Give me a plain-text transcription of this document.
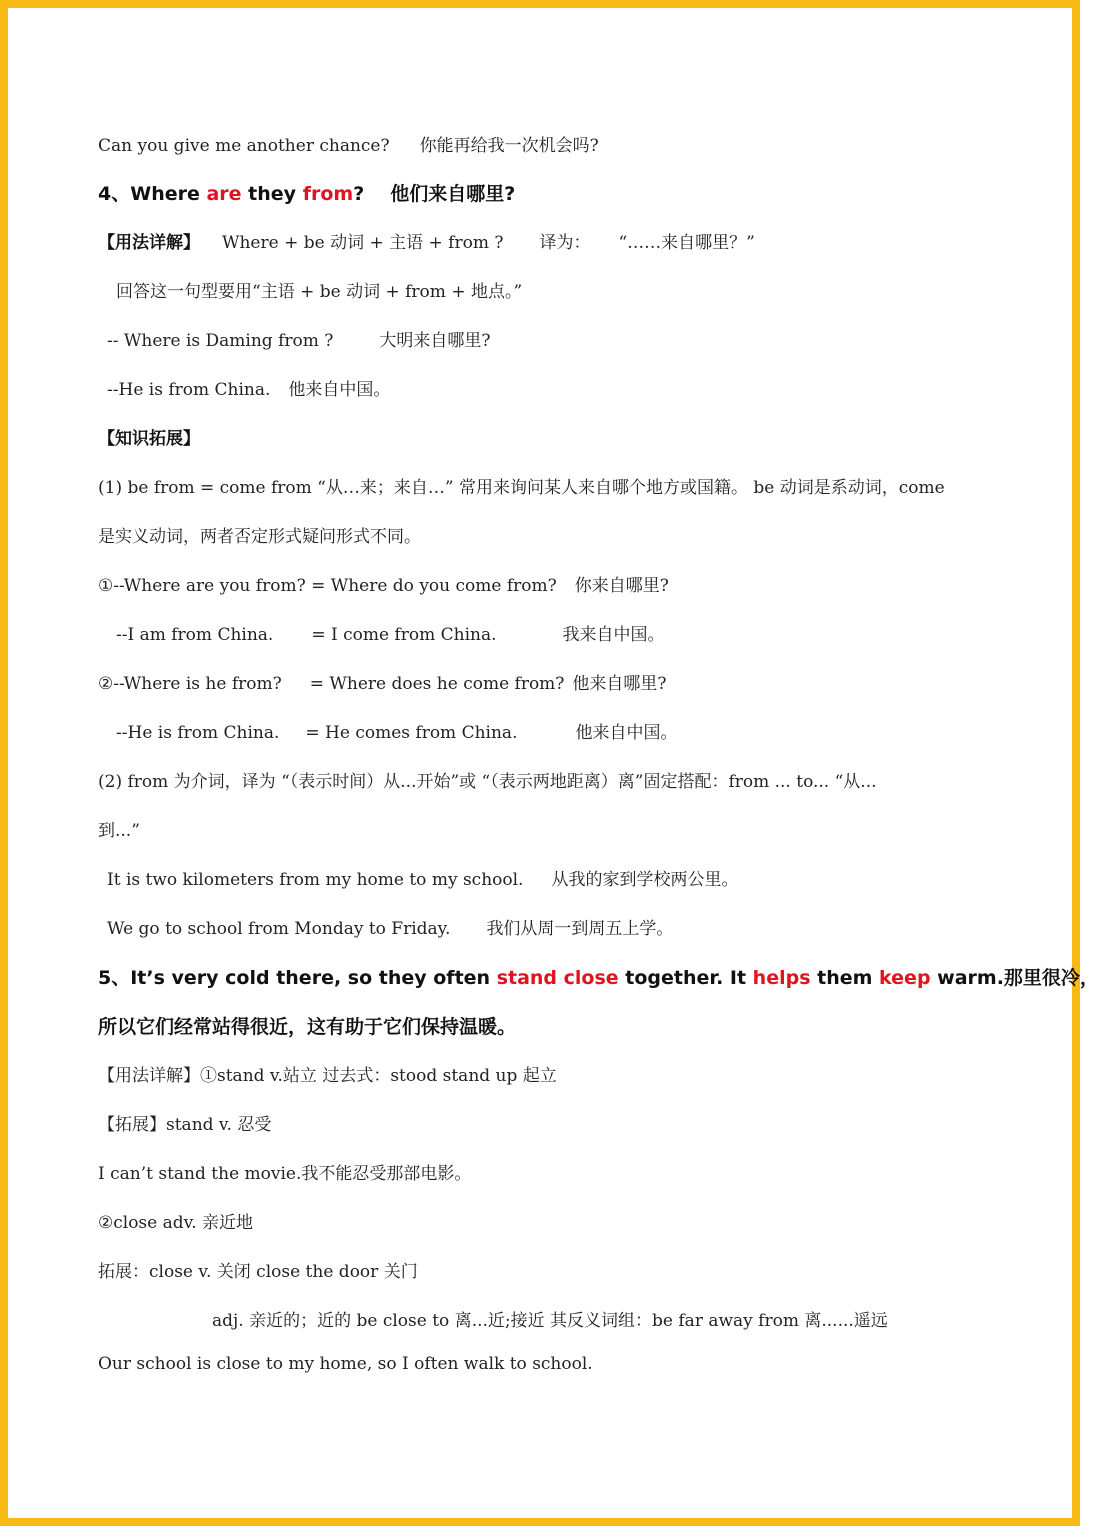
Can you give me another chance? 你能再给我一次机会吗?
4、Where are they from? 他们来自哪里?
【用法详解】 Where + be 动词 + 主语 + from ? 译为： “……来自哪里？”
回答这一句型要用“主语 + be 动词 + from + 地点。”
-- Where is Daming from ?	大明来自哪里?
--He is from China. 他来自中国。
【知识拓展】
(1) be from = come from “从…来；来自…” 常用来询问某人来自哪个地方或国籍。 be 动词是系动词，come
是实义动词，两者否定形式疑问形式不同。
①--Where are you from? = Where do you come from? 你来自哪里?
--I am from China. = I come from China.	我来自中国。
②--Where is he from? = Where does he come from? 他来自哪里?
--He is from China. = He comes from China.	他来自中国。
(2) from 为介词，译为 “（表示时间）从...开始”或 “（表示两地距离）离”固定搭配：from ... to... “从...
到...”
It is two kilometers from my home to my school. 从我的家到学校两公里。
We go to school from Monday to Friday. 我们从周一到周五上学。
5、It’s very cold there, so they often stand close together. It helps them keep warm.那里很冷，
所以它们经常站得很近，这有助于它们保持温暖。
【用法详解】①stand v.站立 过去式：stood stand up 起立
【拓展】stand v. 忍受
I can’t stand the movie.我不能忍受那部电影。
②close adv. 亲近地
拓展：close v. 关闭 close the door 关门
adj. 亲近的；近的 be close to 离...近;接近 其反义词组：be far away from 离......遥远
Our school is close to my home, so I often walk to school.
